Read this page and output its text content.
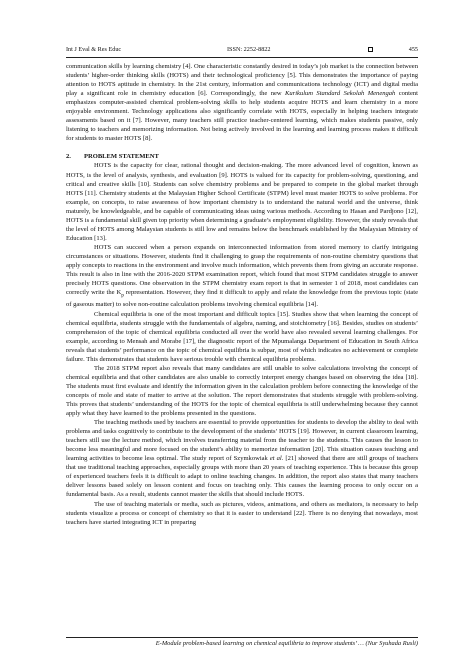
Int J Eval & Res Educ	ISSN: 2252-8822	455

communication skills by learning chemistry [4]. One characteristic constantly desired in today’s job market is the connection between students’ higher-order thinking skills (HOTS) and their technological proficiency [5]. This demonstrates the importance of paying attention to HOTS aptitude in chemistry. In the 21st century, information and communications technology (ICT) and digital media play a significant role in chemistry education [6]. Correspondingly, the new Kurikulum Standard Sekolah Menengah content emphasizes computer-assisted chemical problem-solving skills to help students acquire HOTS and learn chemistry in a more enjoyable environment. Technology applications also significantly correlate with HOTS, especially in helping teachers integrate assessments based on it [7]. However, many teachers still practice teacher-centered learning, which makes students passive, only listening to teachers and memorizing information. Not being actively involved in the learning and learning process makes it difficult for students to master HOTS [8].

2. PROBLEM STATEMENT

HOTS is the capacity for clear, rational thought and decision-making. The more advanced level of cognition, known as HOTS, is the level of analysis, synthesis, and evaluation [9]. HOTS is valued for its capacity for problem-solving, questioning, and critical and creative skills [10]. Students can solve chemistry problems and be prepared to compete in the global market through HOTS [11]. Chemistry students at the Malaysian Higher School Certificate (STPM) level must master HOTS to solve problems. For example, on concepts, to raise awareness of how important chemistry is to understand the natural world and the universe, think maturely, be knowledgeable, and be capable of communicating ideas using various methods. According to Hasan and Pardjono [12], HOTS is a fundamental skill given top priority when determining a graduate’s employment eligibility. However, the study reveals that the level of HOTS among Malaysian students is still low and remains below the benchmark established by the Malaysian Ministry of Education [13].

HOTS can succeed when a person expands on interconnected information from stored memory to clarify intriguing circumstances or situations. However, students find it challenging to grasp the requirements of non-routine chemistry questions that apply concepts to reactions in the environment and involve much information, which prevents them from giving an accurate response. This result is also in line with the 2016-2020 STPM examination report, which found that most STPM candidates struggle to answer precisely HOTS questions. One observation in the STPM chemistry exam report is that in semester 1 of 2018, most candidates can correctly write the $K_p$ representation. However, they find it difficult to apply and relate the knowledge from the previous topic (state of gaseous matter) to solve non-routine calculation problems involving chemical equilibria [14].

Chemical equilibria is one of the most important and difficult topics [15]. Studies show that when learning the concept of chemical equilibria, students struggle with the fundamentals of algebra, naming, and stoichiometry [16]. Besides, studies on students’ comprehension of the topic of chemical equilibria conducted all over the world have also revealed several learning challenges. For example, according to Mensah and Morabe [17], the diagnostic report of the Mpumalanga Department of Education in South Africa reveals that students’ performance on the topic of chemical equilibria is subpar, most of which indicates no achievement or complete failure. This demonstrates that students have serious trouble with chemical equilibria problems.

The 2018 STPM report also reveals that many candidates are still unable to solve calculations involving the concept of chemical equilibria and that other candidates are also unable to correctly interpret energy changes based on observing the idea [18]. The students must first evaluate and identify the information given in the calculation problem before connecting the knowledge of the concepts of mole and state of matter to arrive at the solution. The report demonstrates that students struggle with problem-solving. This proves that students’ understanding of the HOTS for the topic of chemical equilibria is still underwhelming because they cannot apply what they have learned to the problems presented in the questions.

The teaching methods used by teachers are essential to provide opportunities for students to develop the ability to deal with problems and tasks cognitively to contribute to the development of the students’ HOTS [19]. However, in current classroom learning, teachers still use the lecture method, which involves transferring material from the teacher to the students. This causes the lesson to become less meaningful and more focused on the student’s ability to memorize information [20]. This situation causes teaching and learning activities to become less optimal. The study report of Szymkowiak et al. [21] showed that there are still groups of teachers that use traditional teaching approaches, especially groups with more than 20 years of teaching experience. This is because this group of experienced teachers feels it is difficult to adapt to online teaching changes. In addition, the report also states that many teachers deliver lessons based solely on lesson content and focus on teaching only. This causes the learning process to only occur on a fundamental basis. As a result, students cannot master the skills that should include HOTS.

The use of teaching materials or media, such as pictures, videos, animations, and others as mediators, is necessary to help students visualize a process or concept of chemistry so that it is easier to understand [22]. There is no denying that nowadays, most teachers have started integrating ICT in preparing

E-Module problem-based learning on chemical equilibria to improve students’ … (Nur Syuhada Rusli)
